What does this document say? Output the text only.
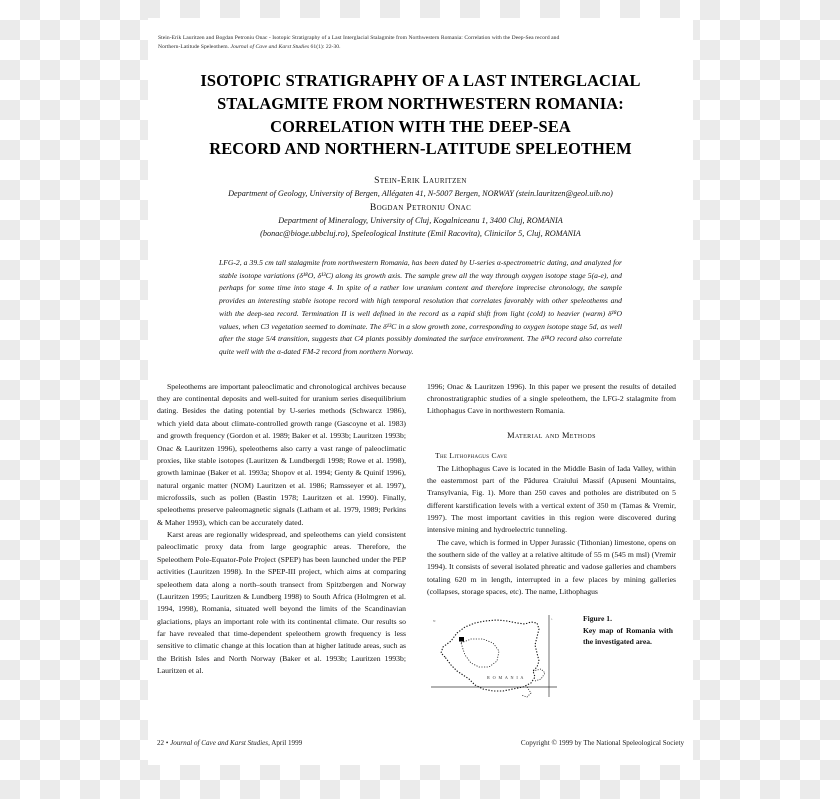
Stein-Erik Lauritzen and Bogdan Petroniu Onac - Isotopic Stratigraphy of a Last Interglacial Stalagmite from Northwestern Romania: Correlation with the Deep-Sea record and
Northern-Latitude Speleothem. Journal of Cave and Karst Studies 61(1): 22-30.
ISOTOPIC STRATIGRAPHY OF A LAST INTERGLACIAL
STALAGMITE FROM NORTHWESTERN ROMANIA:
CORRELATION WITH THE DEEP-SEA
RECORD AND NORTHERN-LATITUDE SPELEOTHEM
Stein-Erik Lauritzen
Department of Geology, University of Bergen, Allégaten 41, N-5007 Bergen, NORWAY (stein.lauritzen@geol.uib.no)
Bogdan Petroniu Onac
Department of Mineralogy, University of Cluj, Kogalniceanu 1, 3400 Cluj, ROMANIA
(bonac@bioge.ubbcluj.ro), Speleological Institute (Emil Racovita), Clinicilor 5, Cluj, ROMANIA
LFG-2, a 39.5 cm tall stalagmite from northwestern Romania, has been dated by U-series α-spectrometric dating, and analyzed for stable isotope variations (δ¹⁸O, δ¹³C) along its growth axis. The sample grew all the way through oxygen isotope stage 5(a-e), and perhaps for some time into stage 4. In spite of a rather low uranium content and therefore imprecise chronology, the sample provides an interesting stable isotope record with high temporal resolution that correlates favorably with other speleothems and with the deep-sea record. Termination II is well defined in the record as a rapid shift from light (cold) to heavier (warm) δ¹⁸O values, when C3 vegetation seemed to dominate. The δ¹³C in a slow growth zone, corresponding to oxygen isotope stage 5d, as well after the stage 5/4 transition, suggests that C4 plants possibly dominated the surface environment. The δ¹⁸O record also correlate quite well with the α-dated FM-2 record from northern Norway.

Speleothems are important paleoclimatic and chronological archives because they are continental deposits and well-suited for uranium series disequilibrium dating. Besides the dating potential by U-series methods (Schwarcz 1986), which yield data about climate-controlled growth range (Gascoyne et al. 1983) and growth frequency (Gordon et al. 1989; Baker et al. 1993b; Lauritzen 1993b; Onac & Lauritzen 1996), speleothems also carry a vast range of paleoclimatic proxies, like stable isotopes (Lauritzen & Lundbergdi 1998; Rowe et al. 1998), growth laminae (Baker et al. 1993a; Shopov et al. 1994; Genty & Quinif 1996), natural organic matter (NOM) Lauritzen et al. 1986; Ramsseyer et al. 1997), microfossils, such as pollen (Bastin 1978; Lauritzen et al. 1990). Finally, speleothems preserve paleomagnetic signals (Latham et al. 1979, 1989; Perkins & Maher 1993), which can be accurately dated.

Karst areas are regionally widespread, and speleothems can yield consistent paleoclimatic proxy data from large geographic areas. Therefore, the Speleothem Pole-Equator-Pole Project (SPEP) has been launched under the PEP activities (Lauritzen 1998). In the SPEP-III project, which aims at comparing speleothem data along a north–south transect from Spitzbergen and Norway (Lauritzen 1995; Lauritzen & Lundberg 1998) to South Africa (Holmgren et al. 1994, 1998), Romania, situated well beyond the limits of the Scandinavian glaciations, plays an important role with its continental climate. Our results so far have revealed that time-dependent speleothem growth frequency is less sensitive to climatic change at this location than at higher latitude areas, such as the British Isles and North Norway (Baker et al. 1993b; Lauritzen 1993b; Lauritzen et al.

1996; Onac & Lauritzen 1996). In this paper we present the results of detailed chronostratigraphic studies of a single speleothem, the LFG-2 stalagmite from Lithophagus Cave in northwestern Romania.

Material and Methods
The Lithophagus Cave

The Lithophagus Cave is located in the Middle Basin of Iada Valley, within the easternmost part of the Pădurea Craiului Massif (Apuseni Mountains, Transylvania, Fig. 1). More than 250 caves and potholes are distributed on 5 different karstification levels with a vertical extent of 350 m (Tamas & Vremir, 1997). The most important cavities in this region were discovered during intensive mining and hydroelectric tunneling.

The cave, which is formed in Upper Jurassic (Tithonian) limestone, opens on the southern side of the valley at a relative altitude of 55 m (545 m msl) (Vremir 1994). It consists of several isolated phreatic and vadose galleries and chambers totaling 620 m in length, interrupted in a few places by mining galleries (collapses, storage spaces, etc). The name, Lithophagus

R O M A N I A
N	°	Figure 1.
Key map of Romania with the investigated area.
22 • Journal of Cave and Karst Studies, April 1999	Copyright © 1999 by The National Speleological Society
